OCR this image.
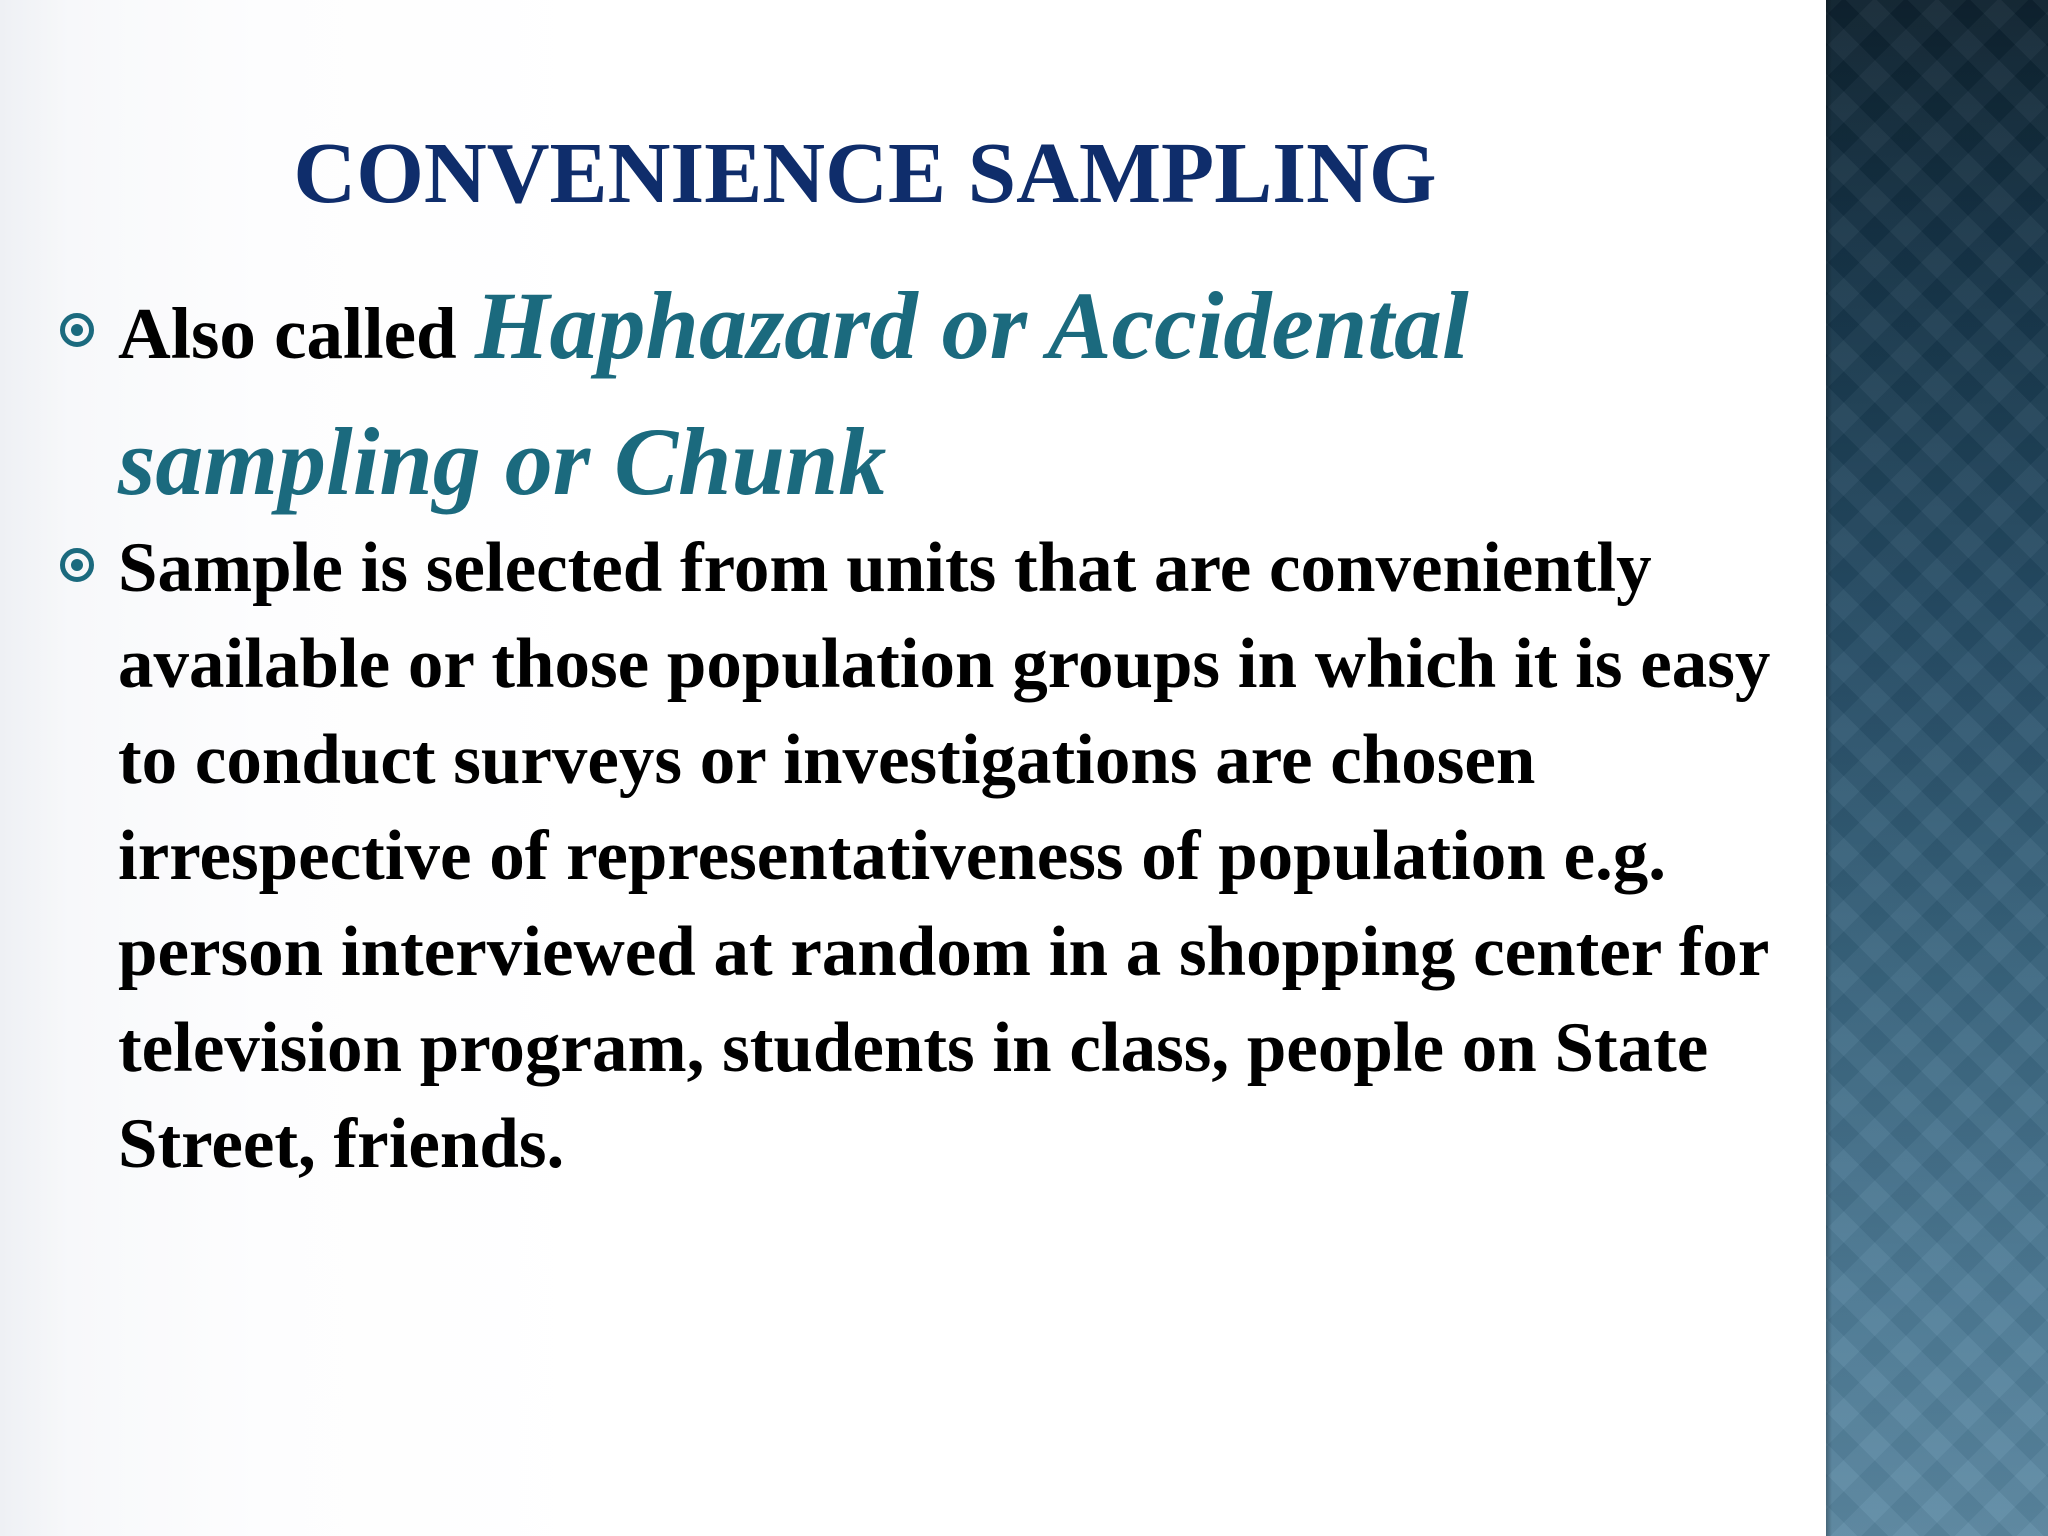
CONVENIENCE SAMPLING
Also called Haphazard or Accidental sampling or Chunk
Sample is selected from units that are conveniently available or those population groups in which it is easy to conduct surveys or investigations are chosen irrespective of representativeness of population e.g. person interviewed at random in a shopping center for television program, students in class, people on State Street, friends.
